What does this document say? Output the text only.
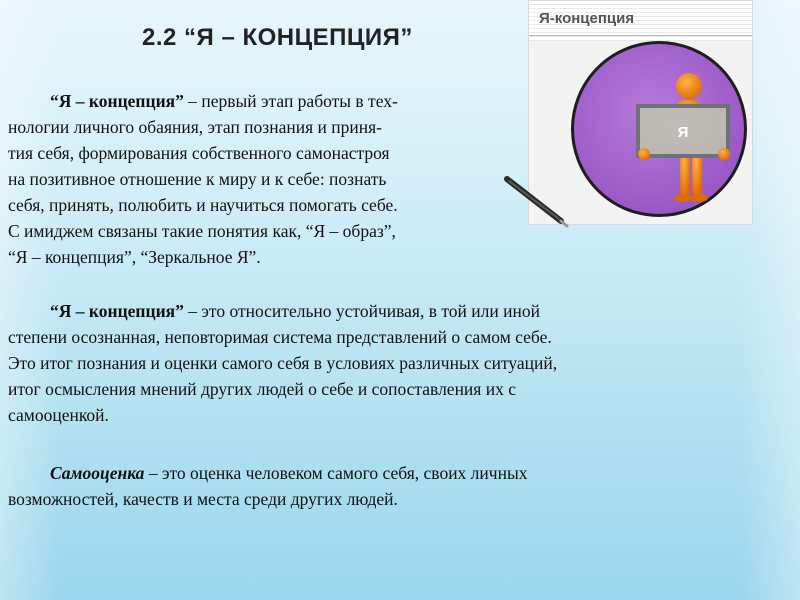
2.2 “Я – КОНЦЕПЦИЯ”
Я-концепция
Я

“Я – концепция” – первый этап работы в тех-
нологии личного обаяния, этап познания и приня-
тия себя, формирования собственного самонастроя
на позитивное отношение к миру и к себе: познать
себя, принять, полюбить и научиться помогать себе.
С имиджем связаны такие понятия как, “Я – образ”,
“Я – концепция”, “Зеркальное Я”.

“Я – концепция” – это относительно устойчивая, в той или иной
степени осознанная, неповторимая система представлений о самом себе.
Это итог познания и оценки самого себя в условиях различных ситуаций,
итог осмысления мнений других людей о себе и сопоставления их с
самооценкой.

Самооценка – это оценка человеком самого себя, своих личных
возможностей, качеств и места среди других людей.
